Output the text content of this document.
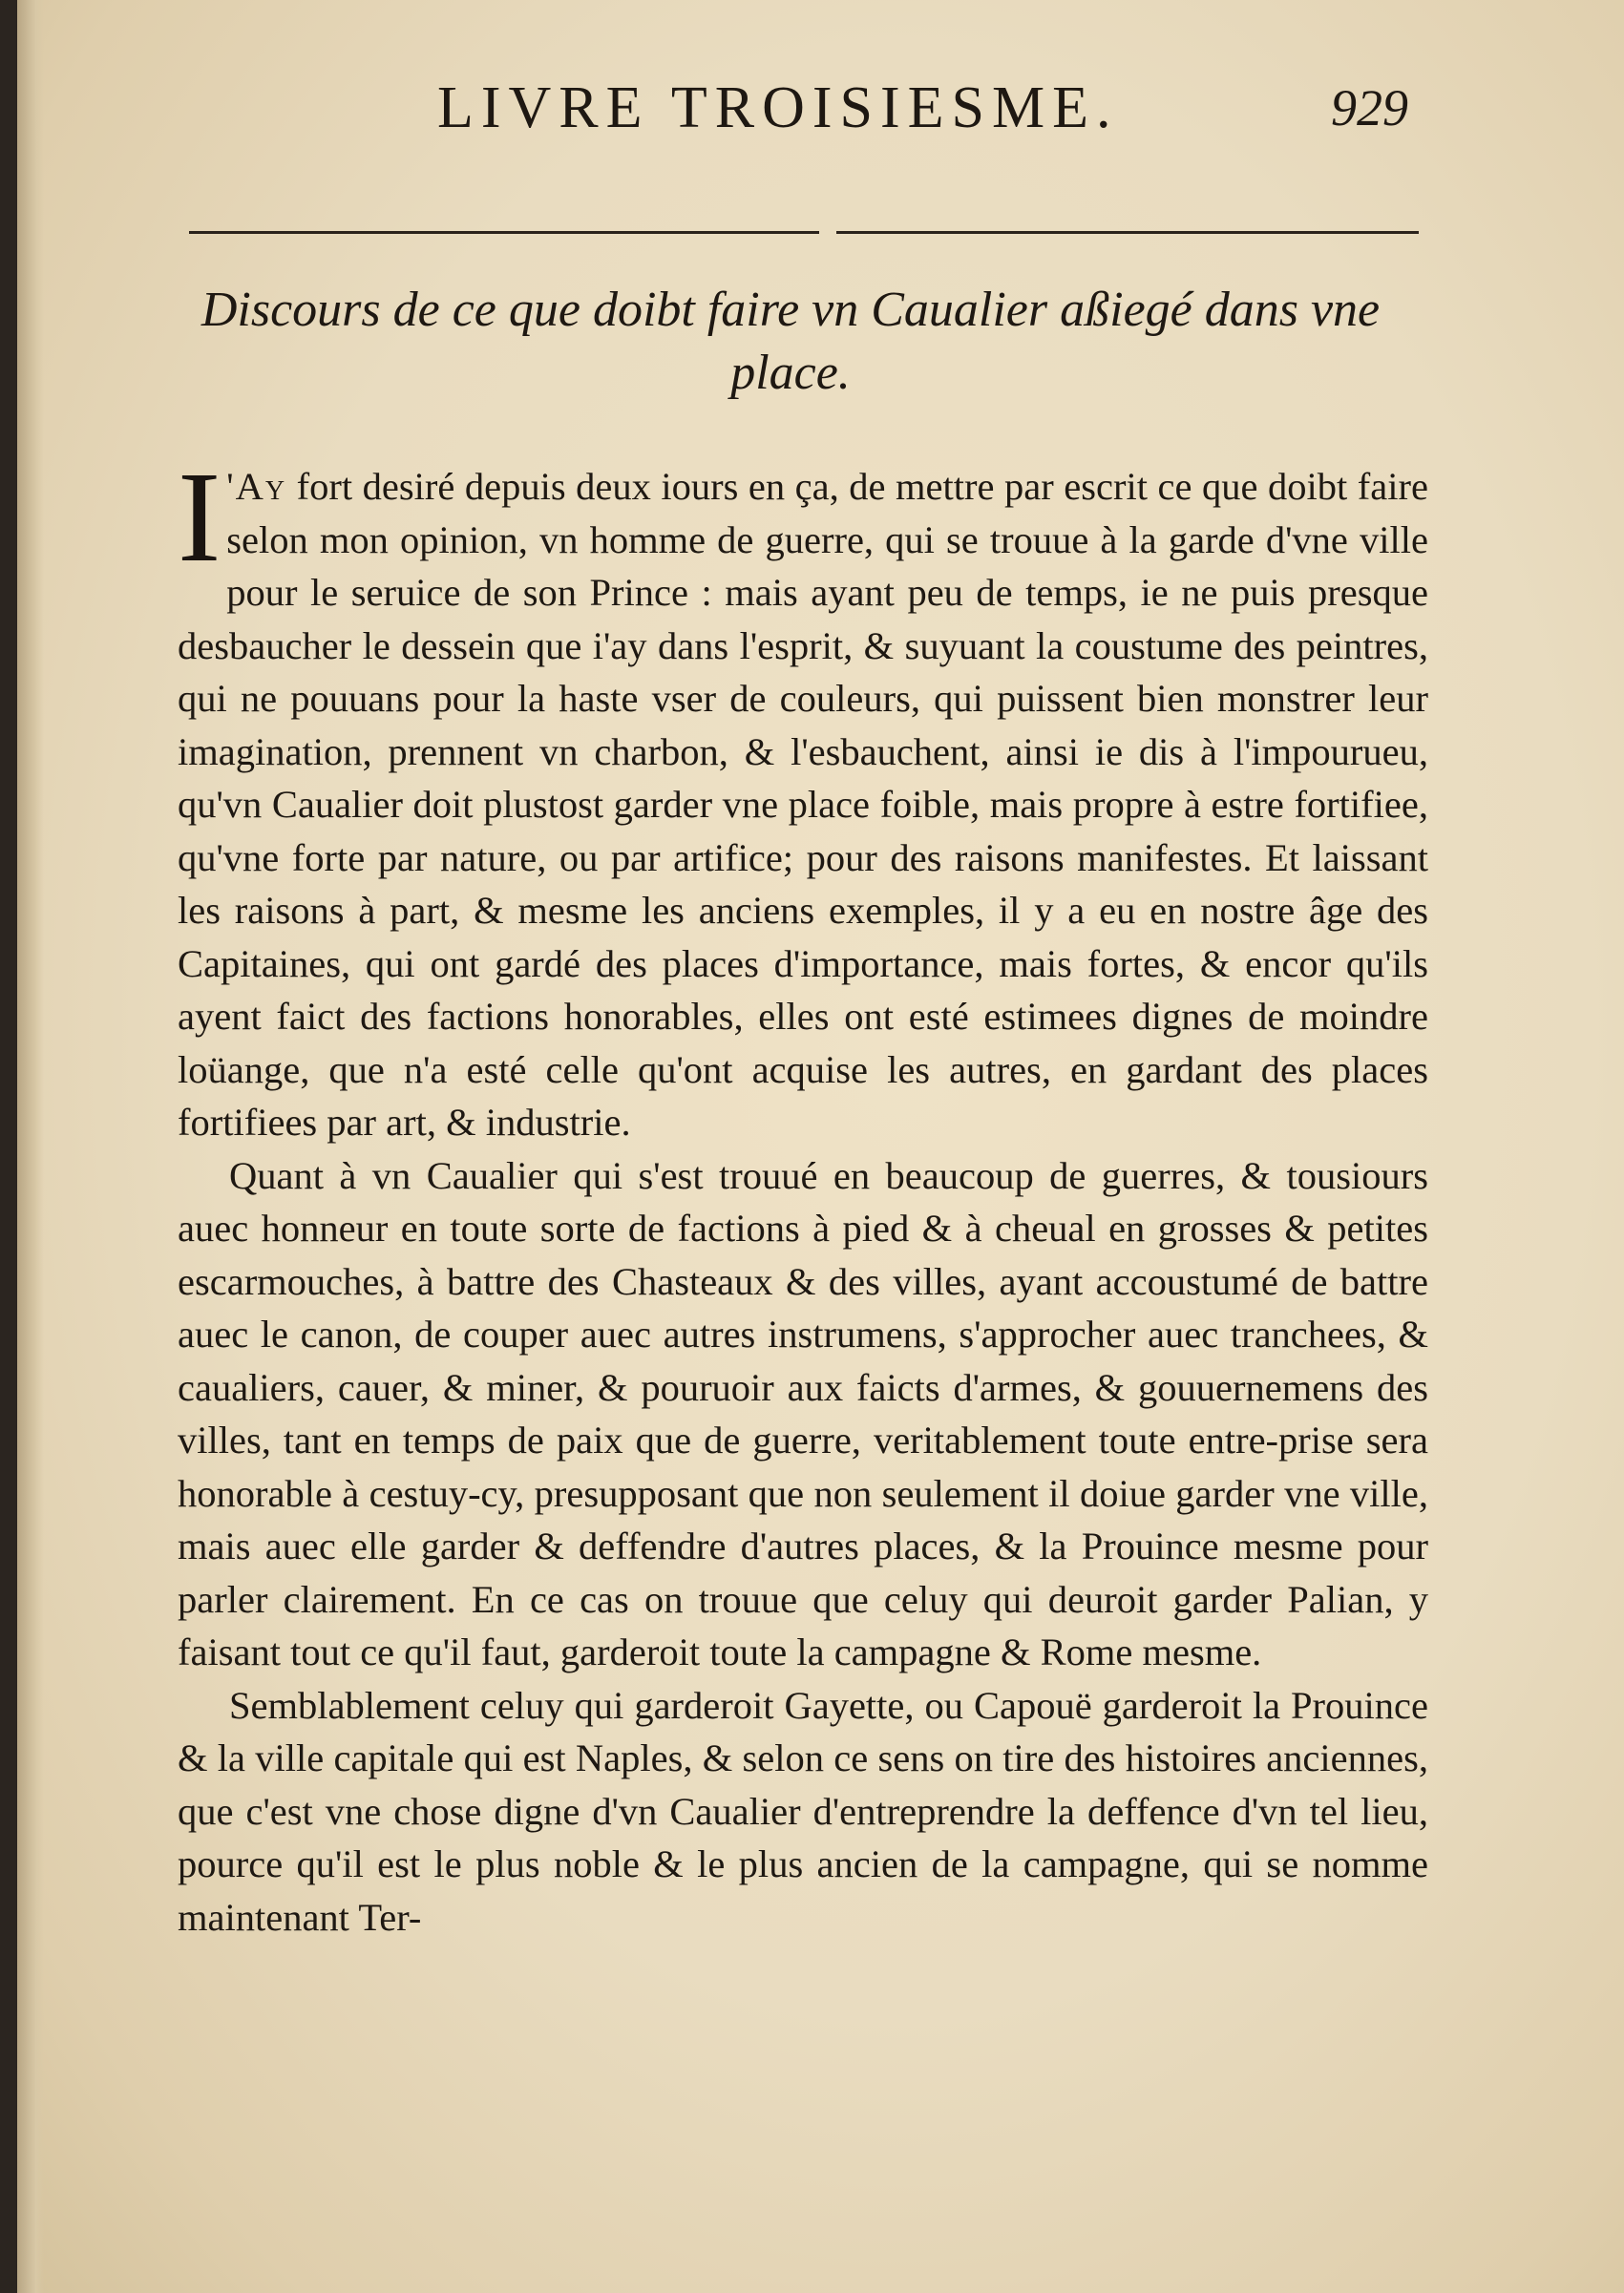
LIVRE TROISIESME.	929
Discours de ce que doibt faire vn Caualier aßiegé dans vne place.

I 'Ay fort desiré depuis deux iours en ça, de mettre par escrit ce que doibt faire selon mon opinion, vn homme de guerre, qui se trouue à la garde d'vne ville pour le seruice de son Prince : mais ayant peu de temps, ie ne puis presque desbaucher le dessein que i'ay dans l'esprit, & suyuant la coustume des peintres, qui ne pouuans pour la haste vser de couleurs, qui puissent bien monstrer leur imagination, prennent vn charbon, & l'esbauchent, ainsi ie dis à l'impourueu, qu'vn Caualier doit plustost garder vne place foible, mais propre à estre fortifiee, qu'vne forte par nature, ou par artifice; pour des raisons manifestes. Et laissant les raisons à part, & mesme les anciens exemples, il y a eu en nostre âge des Capitaines, qui ont gardé des places d'importance, mais fortes, & encor qu'ils ayent faict des factions honorables, elles ont esté estimees dignes de moindre loüange, que n'a esté celle qu'ont acquise les autres, en gardant des places fortifiees par art, & industrie.

Quant à vn Caualier qui s'est trouué en beaucoup de guerres, & tousiours auec honneur en toute sorte de factions à pied & à cheual en grosses & petites escarmouches, à battre des Chasteaux & des villes, ayant accoustumé de battre auec le canon, de couper auec autres instrumens, s'approcher auec tranchees, & caualiers, cauer, & miner, & pouruoir aux faicts d'armes, & gouuernemens des villes, tant en temps de paix que de guerre, veritablement toute entre-prise sera honorable à cestuy-cy, presupposant que non seulement il doiue garder vne ville, mais auec elle garder & deffendre d'autres places, & la Prouince mesme pour parler clairement. En ce cas on trouue que celuy qui deuroit garder Palian, y faisant tout ce qu'il faut, garderoit toute la campagne & Rome mesme.

Semblablement celuy qui garderoit Gayette, ou Capouë garderoit la Prouince & la ville capitale qui est Naples, & selon ce sens on tire des histoires anciennes, que c'est vne chose digne d'vn Caualier d'entreprendre la deffence d'vn tel lieu, pource qu'il est le plus noble & le plus ancien de la campagne, qui se nomme maintenant Ter-
